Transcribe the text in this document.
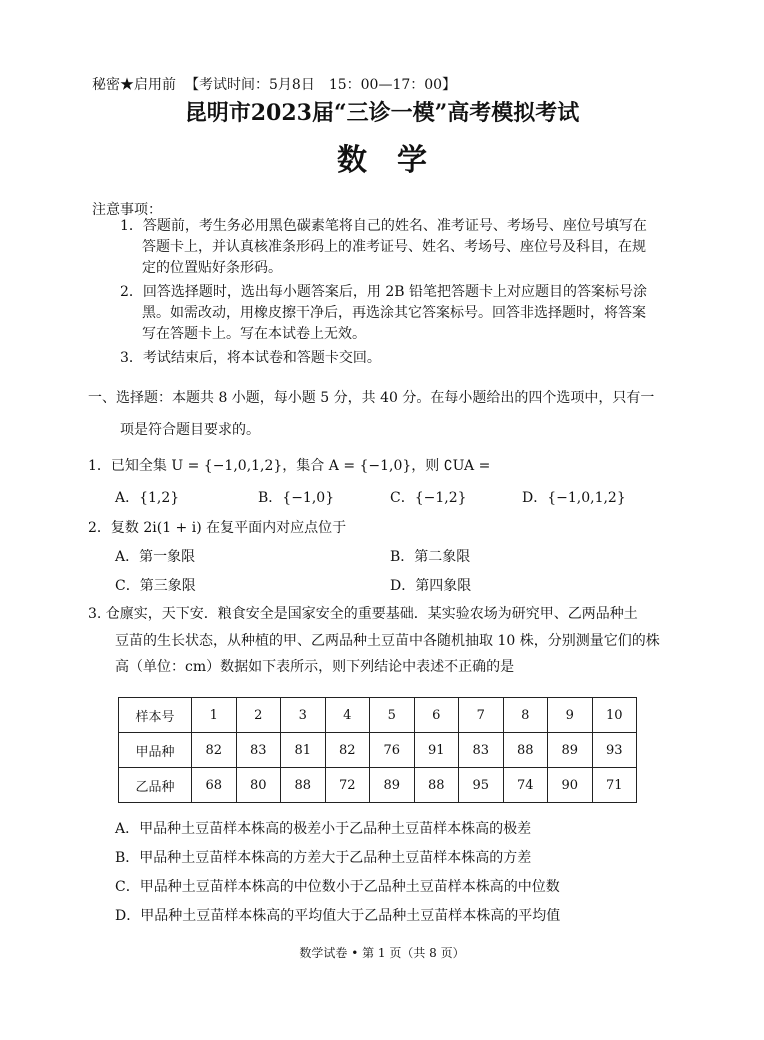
秘密★启用前 【考试时间：5月8日　15：00—17：00】
昆明市2023届“三诊一模”高考模拟考试
数学
注意事项：
1．答题前，考生务必用黑色碳素笔将自己的姓名、准考证号、考场号、座位号填写在
答题卡上，并认真核准条形码上的准考证号、姓名、考场号、座位号及科目，在规
定的位置贴好条形码。
2．回答选择题时，选出每小题答案后，用 2B 铅笔把答题卡上对应题目的答案标号涂
黑。如需改动，用橡皮擦干净后，再选涂其它答案标号。回答非选择题时，将答案
写在答题卡上。写在本试卷上无效。
3．考试结束后，将本试卷和答题卡交回。
一、选择题：本题共 8 小题，每小题 5 分，共 40 分。在每小题给出的四个选项中，只有一
项是符合题目要求的。
1．已知全集 U = {−1,0,1,2}，集合 A = {−1,0}，则 ∁UA =
A．{1,2}	B．{−1,0}	C．{−1,2}	D．{−1,0,1,2}
2．复数 2i(1 + i) 在复平面内对应点位于
A．第一象限	B．第二象限
C．第三象限	D．第四象限
3. 仓廪实，天下安．粮食安全是国家安全的重要基础．某实验农场为研究甲、乙两品种土
豆苗的生长状态，从种植的甲、乙两品种土豆苗中各随机抽取 10 株，分别测量它们的株
高（单位：cm）数据如下表所示，则下列结论中表述不正确的是
样本号	1	2	3	4	5	6	7	8	9	10
甲品种	82	83	81	82	76	91	83	88	89	93
乙品种	68	80	88	72	89	88	95	74	90	71
A．甲品种土豆苗样本株高的极差小于乙品种土豆苗样本株高的极差
B．甲品种土豆苗样本株高的方差大于乙品种土豆苗样本株高的方差
C．甲品种土豆苗样本株高的中位数小于乙品种土豆苗样本株高的中位数
D．甲品种土豆苗样本株高的平均值大于乙品种土豆苗样本株高的平均值
数学试卷 • 第 1 页（共 8 页）
